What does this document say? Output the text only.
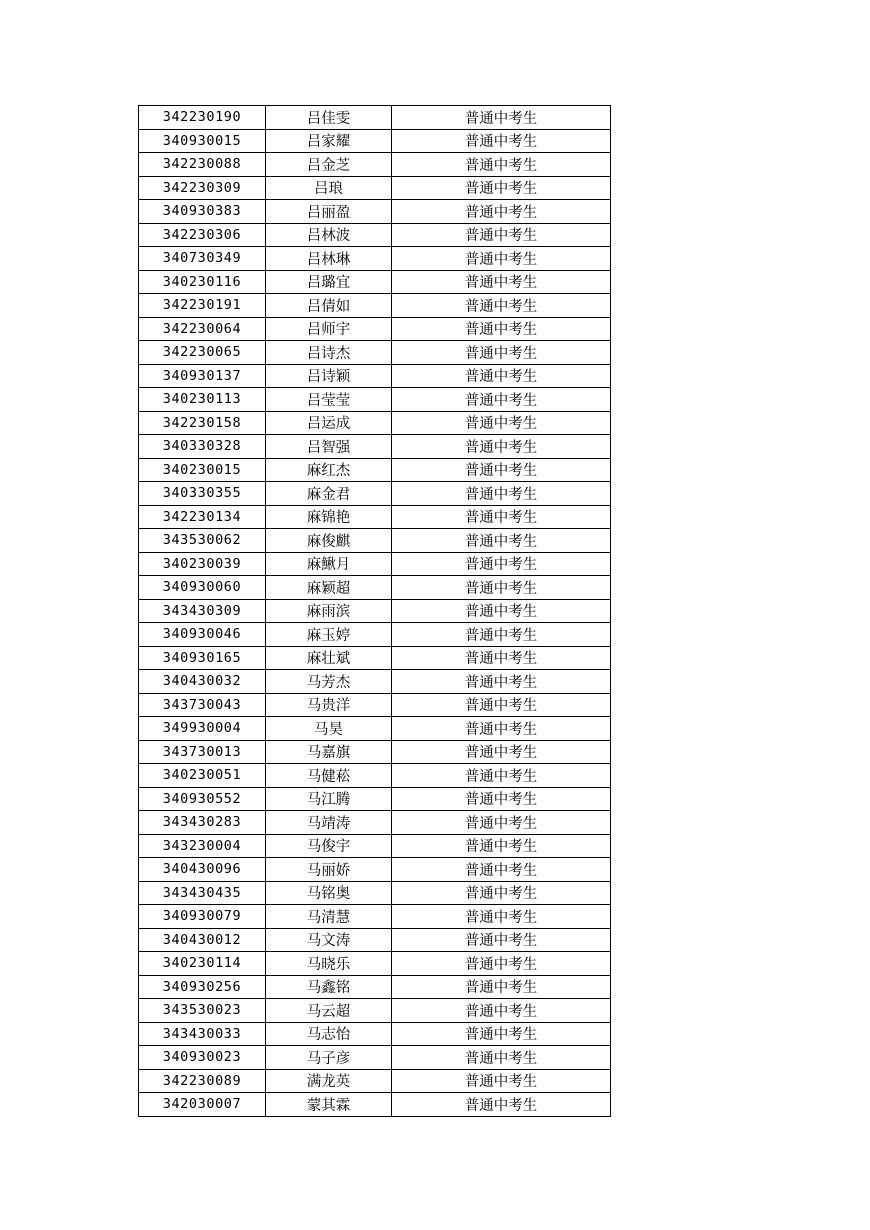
342230190	吕佳雯	普通中考生
340930015	吕家耀	普通中考生
342230088	吕金芝	普通中考生
342230309	吕琅	普通中考生
340930383	吕丽盈	普通中考生
342230306	吕林波	普通中考生
340730349	吕林琳	普通中考生
340230116	吕璐宜	普通中考生
342230191	吕倩如	普通中考生
342230064	吕师宇	普通中考生
342230065	吕诗杰	普通中考生
340930137	吕诗颖	普通中考生
340230113	吕莹莹	普通中考生
342230158	吕运成	普通中考生
340330328	吕智强	普通中考生
340230015	麻红杰	普通中考生
340330355	麻金君	普通中考生
342230134	麻锦艳	普通中考生
343530062	麻俊麒	普通中考生
340230039	麻鰍月	普通中考生
340930060	麻颖超	普通中考生
343430309	麻雨滨	普通中考生
340930046	麻玉婷	普通中考生
340930165	麻壮斌	普通中考生
340430032	马芳杰	普通中考生
343730043	马贵洋	普通中考生
349930004	马昊	普通中考生
343730013	马嘉旗	普通中考生
340230051	马健菘	普通中考生
340930552	马江腾	普通中考生
343430283	马靖涛	普通中考生
343230004	马俊宇	普通中考生
340430096	马丽娇	普通中考生
343430435	马铭奥	普通中考生
340930079	马清慧	普通中考生
340430012	马文涛	普通中考生
340230114	马晓乐	普通中考生
340930256	马鑫铭	普通中考生
343530023	马云超	普通中考生
343430033	马志怡	普通中考生
340930023	马子彦	普通中考生
342230089	满龙英	普通中考生
342030007	蒙其霖	普通中考生
